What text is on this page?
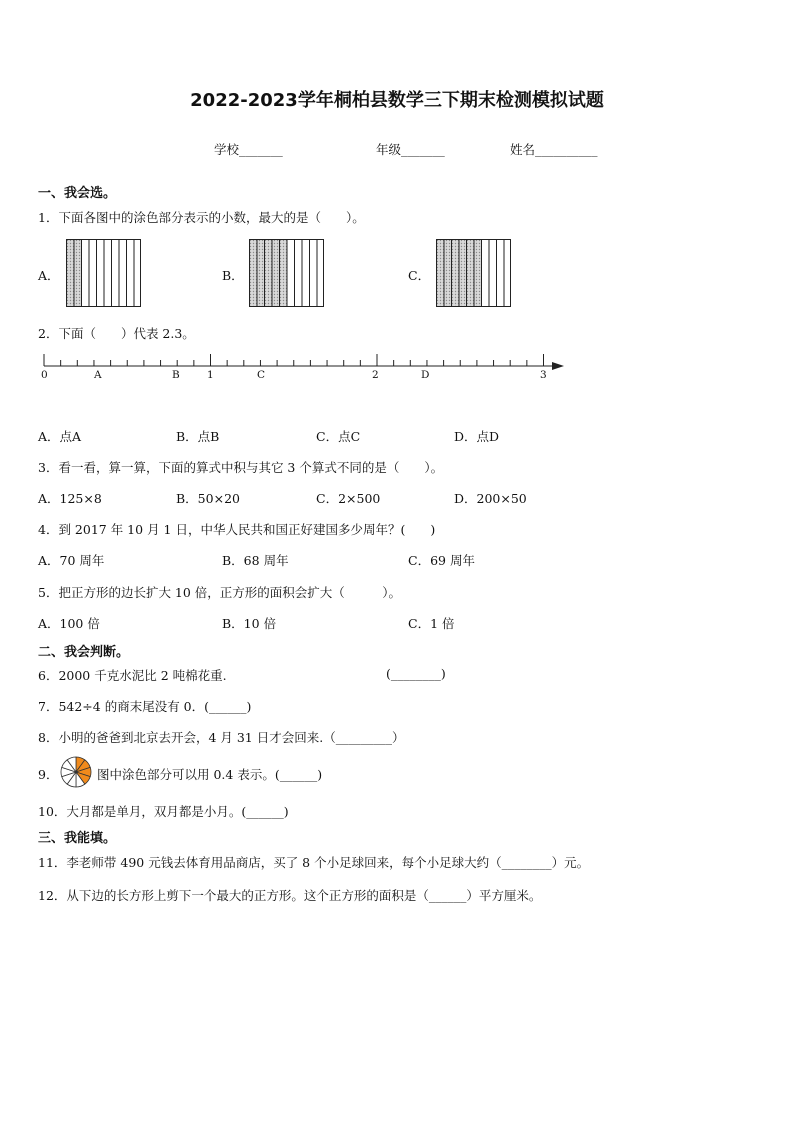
2022-2023学年桐柏县数学三下期末检测模拟试题
学校_______	年级_______	姓名__________
一、我会选。
1．下面各图中的涂色部分表示的小数，最大的是（　　）。
A．	B．	C．
2．下面（　　）代表 2.3。
0	A	B	1	C	2	D	3
A．点A	B．点B	C．点C	D．点D
3．看一看，算一算，下面的算式中积与其它 3 个算式不同的是（　　）。
A．125×8	B．50×20	C．2×500	D．200×50
4．到 2017 年 10 月 1 日，中华人民共和国正好建国多少周年？(　　)
A．70 周年	B．68 周年	C．69 周年
5．把正方形的边长扩大 10 倍，正方形的面积会扩大（　　　）。
A．100 倍	B．10 倍	C．1 倍
二、我会判断。
6．2000 千克水泥比 2 吨棉花重.	(________)
7．542÷4 的商末尾没有 0．(______)
8．小明的爸爸到北京去开会，4 月 31 日才会回来.（_________）
9．	图中涂色部分可以用 0.4 表示。(______)
10．大月都是单月，双月都是小月。(______)
三、我能填。
11．李老师带 490 元钱去体育用品商店，买了 8 个小足球回来，每个小足球大约（________）元。
12．从下边的长方形上剪下一个最大的正方形。这个正方形的面积是（______）平方厘米。
